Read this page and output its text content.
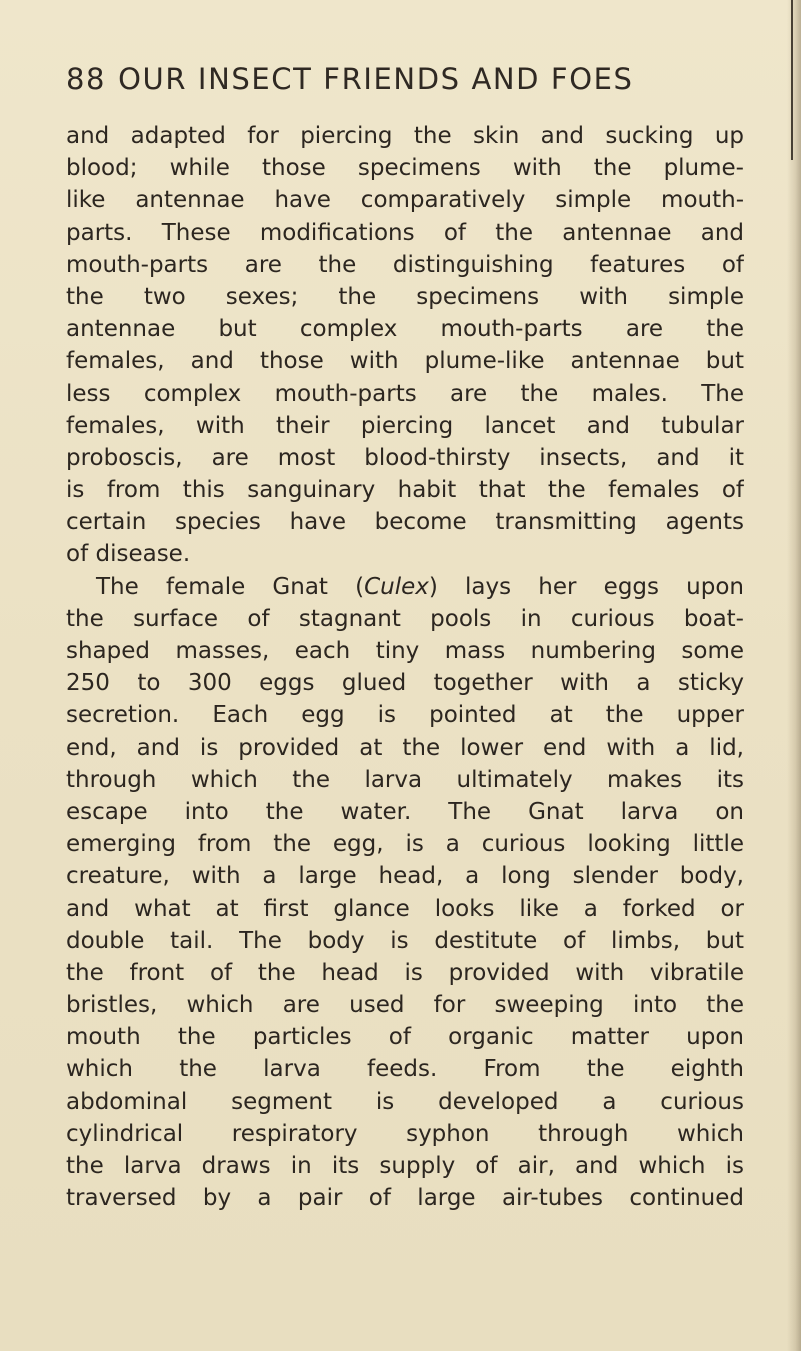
88 OUR INSECT FRIENDS AND FOES
and adapted for piercing the skin and sucking up
blood; while those specimens with the plume-
like antennae have comparatively simple mouth-
parts. These modifications of the antennae and
mouth-parts are the distinguishing features of
the two sexes; the specimens with simple
antennae but complex mouth-parts are the
females, and those with plume-like antennae but
less complex mouth-parts are the males. The
females, with their piercing lancet and tubular
proboscis, are most blood-thirsty insects, and it
is from this sanguinary habit that the females of
certain species have become transmitting agents
of disease.
The female Gnat (Culex) lays her eggs upon
the surface of stagnant pools in curious boat-
shaped masses, each tiny mass numbering some
250 to 300 eggs glued together with a sticky
secretion. Each egg is pointed at the upper
end, and is provided at the lower end with a lid,
through which the larva ultimately makes its
escape into the water. The Gnat larva on
emerging from the egg, is a curious looking little
creature, with a large head, a long slender body,
and what at first glance looks like a forked or
double tail. The body is destitute of limbs, but
the front of the head is provided with vibratile
bristles, which are used for sweeping into the
mouth the particles of organic matter upon
which the larva feeds. From the eighth
abdominal segment is developed a curious
cylindrical respiratory syphon through which
the larva draws in its supply of air, and which is
traversed by a pair of large air-tubes continued
